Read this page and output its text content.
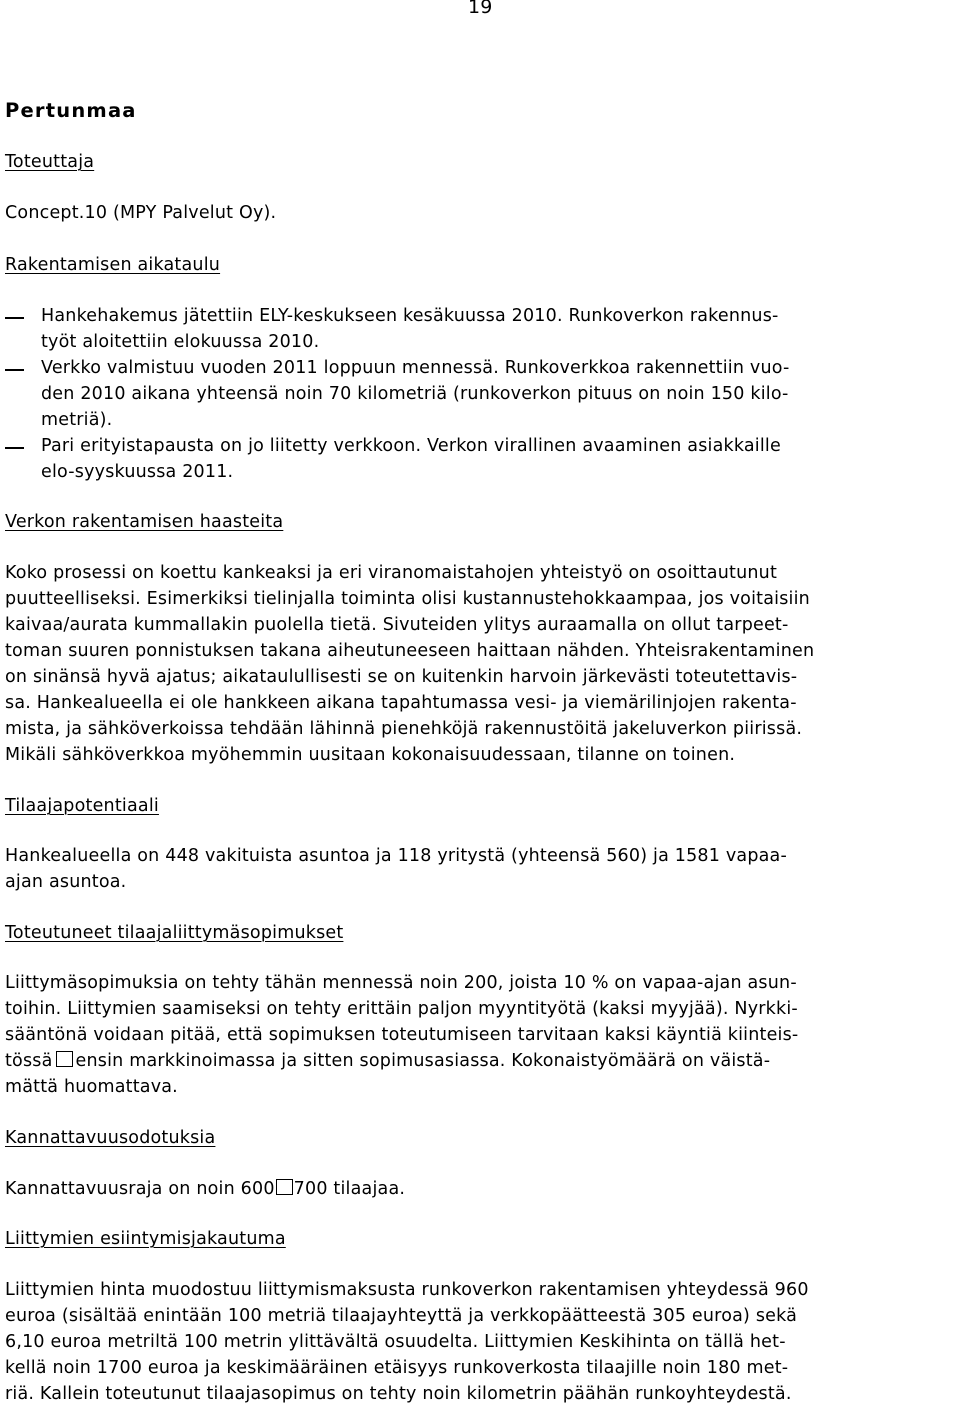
19
Pertunmaa
Toteuttaja
Concept.10 (MPY Palvelut Oy).
Rakentamisen aikataulu
Hankehakemus jätettiin ELY-keskukseen kesäkuussa 2010. Runkoverkon rakennus-
työt aloitettiin elokuussa 2010.
Verkko valmistuu vuoden 2011 loppuun mennessä. Runkoverkkoa rakennettiin vuo-
den 2010 aikana yhteensä noin 70 kilometriä (runkoverkon pituus on noin 150 kilo-
metriä).
Pari erityistapausta on jo liitetty verkkoon. Verkon virallinen avaaminen asiakkaille
elo-syyskuussa 2011.
Verkon rakentamisen haasteita
Koko prosessi on koettu kankeaksi ja eri viranomaistahojen yhteistyö on osoittautunut
puutteelliseksi. Esimerkiksi tielinjalla toiminta olisi kustannustehokkaampaa, jos voitaisiin
kaivaa/aurata kummallakin puolella tietä. Sivuteiden ylitys auraamalla on ollut tarpeet-
toman suuren ponnistuksen takana aiheutuneeseen haittaan nähden. Yhteisrakentaminen
on sinänsä hyvä ajatus; aikataulullisesti se on kuitenkin harvoin järkevästi toteutettavis-
sa. Hankealueella ei ole hankkeen aikana tapahtumassa vesi- ja viemärilinjojen rakenta-
mista, ja sähköverkoissa tehdään lähinnä pienehköjä rakennustöitä jakeluverkon piirissä.
Mikäli sähköverkkoa myöhemmin uusitaan kokonaisuudessaan, tilanne on toinen.
Tilaajapotentiaali
Hankealueella on 448 vakituista asuntoa ja 118 yritystä (yhteensä 560) ja 1581 vapaa-
ajan asuntoa.
Toteutuneet tilaajaliittymäsopimukset
Liittymäsopimuksia on tehty tähän mennessä noin 200, joista 10 % on vapaa-ajan asun-
toihin. Liittymien saamiseksi on tehty erittäin paljon myyntityötä (kaksi myyjää). Nyrkki-
sääntönä voidaan pitää, että sopimuksen toteutumiseen tarvitaan kaksi käyntiä kiinteis-
tössä ensin markkinoimassa ja sitten sopimusasiassa. Kokonaistyömäärä on väistä-
mättä huomattava.
Kannattavuusodotuksia
Kannattavuusraja on noin 600 700 tilaajaa.
Liittymien esiintymisjakautuma
Liittymien hinta muodostuu liittymismaksusta runkoverkon rakentamisen yhteydessä 960
euroa (sisältää enintään 100 metriä tilaajayhteyttä ja verkkopäätteestä 305 euroa) sekä
6,10 euroa metriltä 100 metrin ylittävältä osuudelta. Liittymien Keskihinta on tällä het-
kellä noin 1700 euroa ja keskimääräinen etäisyys runkoverkosta tilaajille noin 180 met-
riä. Kallein toteutunut tilaajasopimus on tehty noin kilometrin päähän runkoyhteydestä.
